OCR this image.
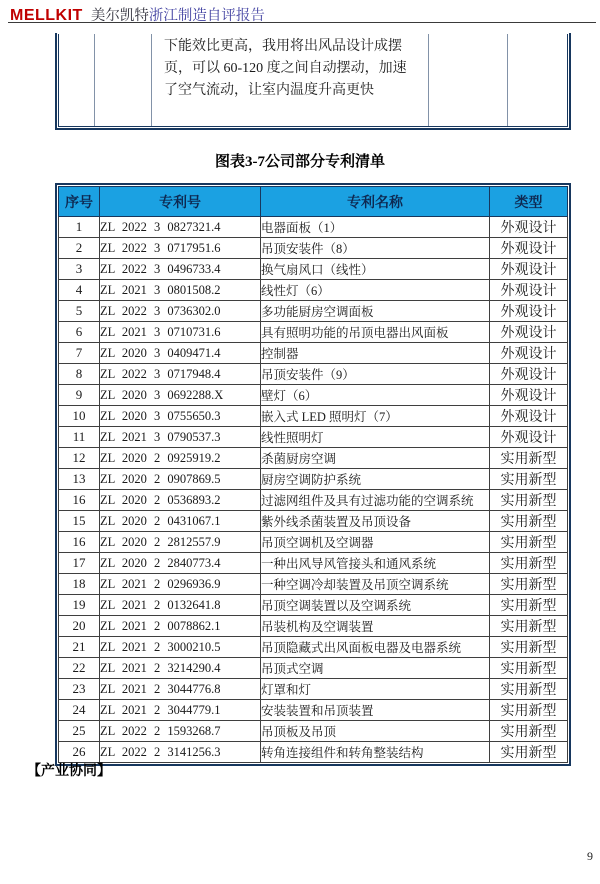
MELLKIT 美尔凯特浙江制造自评报告
下能效比更高，我用将出风品设计成摆页，可以 60-120 度之间自动摆动，加速了空气流动，让室内温度升高更快
图表3-7公司部分专利清单
序号	专利号	专利名称	类型
1	ZL 2022 3 0827321.4	电器面板（1）	外观设计
2	ZL 2022 3 0717951.6	吊顶安装件（8）	外观设计
3	ZL 2022 3 0496733.4	换气扇风口（线性）	外观设计
4	ZL 2021 3 0801508.2	线性灯（6）	外观设计
5	ZL 2022 3 0736302.0	多功能厨房空调面板	外观设计
6	ZL 2021 3 0710731.6	具有照明功能的吊顶电器出风面板	外观设计
7	ZL 2020 3 0409471.4	控制器	外观设计
8	ZL 2022 3 0717948.4	吊顶安装件（9）	外观设计
9	ZL 2020 3 0692288.X	壁灯（6）	外观设计
10	ZL 2020 3 0755650.3	嵌入式 LED 照明灯（7）	外观设计
11	ZL 2021 3 0790537.3	线性照明灯	外观设计
12	ZL 2020 2 0925919.2	杀菌厨房空调	实用新型
13	ZL 2020 2 0907869.5	厨房空调防护系统	实用新型
16	ZL 2020 2 0536893.2	过滤网组件及具有过滤功能的空调系统	实用新型
15	ZL 2020 2 0431067.1	紫外线杀菌装置及吊顶设备	实用新型
16	ZL 2020 2 2812557.9	吊顶空调机及空调器	实用新型
17	ZL 2020 2 2840773.4	一种出风导风管接头和通风系统	实用新型
18	ZL 2021 2 0296936.9	一种空调冷却装置及吊顶空调系统	实用新型
19	ZL 2021 2 0132641.8	吊顶空调装置以及空调系统	实用新型
20	ZL 2021 2 0078862.1	吊装机构及空调装置	实用新型
21	ZL 2021 2 3000210.5	吊顶隐藏式出风面板电器及电器系统	实用新型
22	ZL 2021 2 3214290.4	吊顶式空调	实用新型
23	ZL 2021 2 3044776.8	灯罩和灯	实用新型
24	ZL 2021 2 3044779.1	安装装置和吊顶装置	实用新型
25	ZL 2022 2 1593268.7	吊顶板及吊顶	实用新型
26	ZL 2022 2 3141256.3	转角连接组件和转角整装结构	实用新型
【产业协同】
9
